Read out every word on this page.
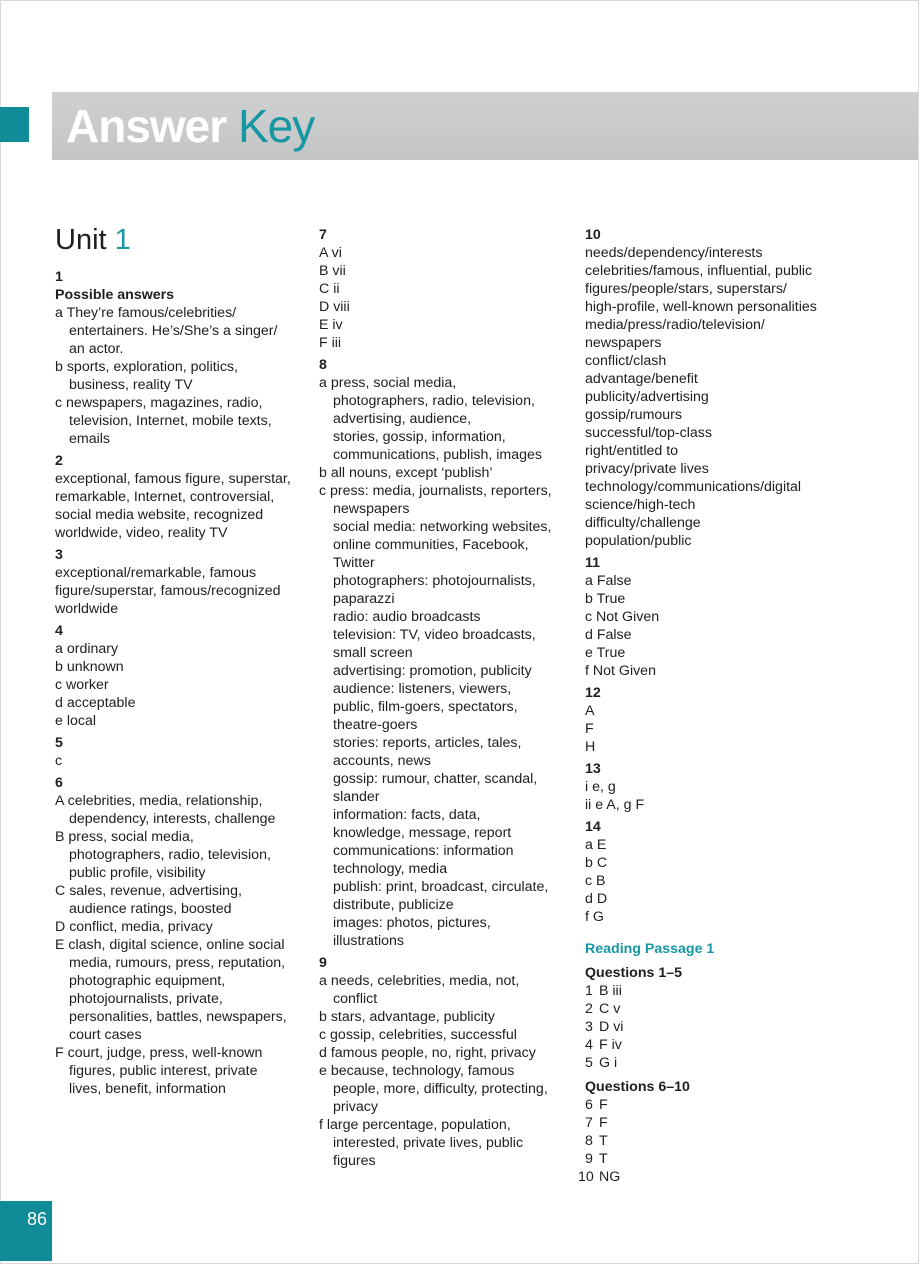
Answer Key
Unit 1
1
Possible answers
a They’re famous/celebrities/
entertainers. He’s/She’s a singer/
an actor.
b sports, exploration, politics,
business, reality TV
c newspapers, magazines, radio,
television, Internet, mobile texts,
emails
2
exceptional, famous figure, superstar,
remarkable, Internet, controversial,
social media website, recognized
worldwide, video, reality TV
3
exceptional/remarkable, famous
figure/superstar, famous/recognized
worldwide
4
a ordinary
b unknown
c worker
d acceptable
e local
5
c
6
A celebrities, media, relationship,
dependency, interests, challenge
B press, social media,
photographers, radio, television,
public profile, visibility
C sales, revenue, advertising,
audience ratings, boosted
D conflict, media, privacy
E clash, digital science, online social
media, rumours, press, reputation,
photographic equipment,
photojournalists, private,
personalities, battles, newspapers,
court cases
F court, judge, press, well-known
figures, public interest, private
lives, benefit, information
7
A vi
B vii
C ii
D viii
E iv
F iii
8
a press, social media,
photographers, radio, television,
advertising, audience,
stories, gossip, information,
communications, publish, images
b all nouns, except ‘publish’
c press: media, journalists, reporters,
newspapers
social media: networking websites,
online communities, Facebook,
Twitter
photographers: photojournalists,
paparazzi
radio: audio broadcasts
television: TV, video broadcasts,
small screen
advertising: promotion, publicity
audience: listeners, viewers,
public, film-goers, spectators,
theatre-goers
stories: reports, articles, tales,
accounts, news
gossip: rumour, chatter, scandal,
slander
information: facts, data,
knowledge, message, report
communications: information
technology, media
publish: print, broadcast, circulate,
distribute, publicize
images: photos, pictures,
illustrations
9
a needs, celebrities, media, not,
conflict
b stars, advantage, publicity
c gossip, celebrities, successful
d famous people, no, right, privacy
e because, technology, famous
people, more, difficulty, protecting,
privacy
f large percentage, population,
interested, private lives, public
figures
10
needs/dependency/interests
celebrities/famous, influential, public
figures/people/stars, superstars/
high-profile, well-known personalities
media/press/radio/television/
newspapers
conflict/clash
advantage/benefit
publicity/advertising
gossip/rumours
successful/top-class
right/entitled to
privacy/private lives
technology/communications/digital
science/high-tech
difficulty/challenge
population/public
11
a False
b True
c Not Given
d False
e True
f Not Given
12
A
F
H
13
i e, g
ii e A, g F
14
a E
b C
c B
d D
f G
Reading Passage 1
Questions 1–5
1 B iii
2 C v
3 D vi
4 F iv
5 G i
Questions 6–10
6 F
7 F
8 T
9 T
10 NG
86
